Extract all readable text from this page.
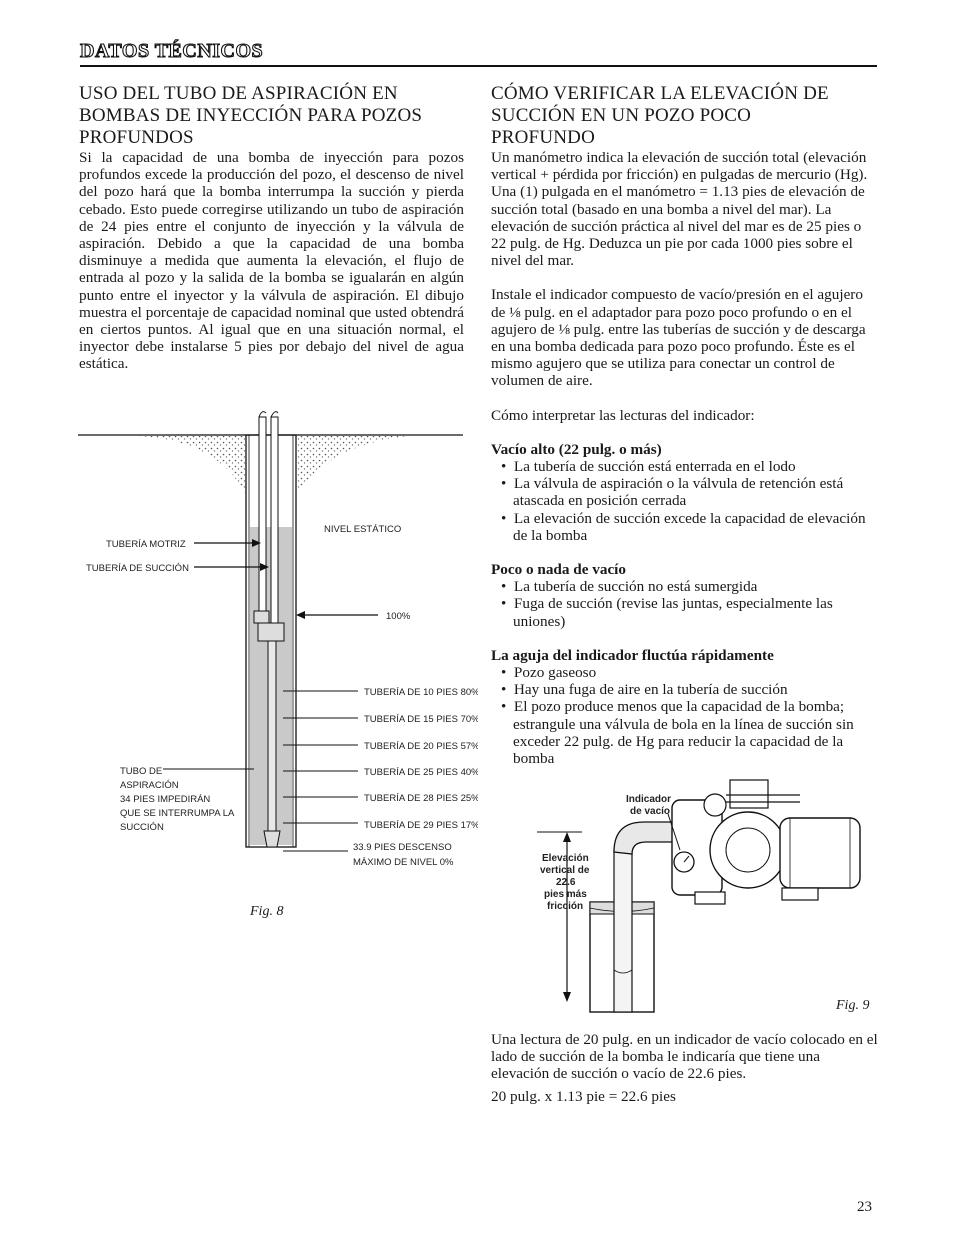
DATOS TÉCNICOS
USO DEL TUBO DE ASPIRACIÓN EN BOMBAS DE INYECCIÓN PARA POZOS PROFUNDOS

Si la capacidad de una bomba de inyección para pozos profundos excede la producción del pozo, el descenso de nivel del pozo hará que la bomba interrumpa la succión y pierda cebado. Esto puede corregirse utilizando un tubo de aspiración de 24 pies entre el conjunto de inyección y la válvula de aspiración. Debido a que la capacidad de una bomba disminuye a medida que aumenta la elevación, el flujo de entrada al pozo y la salida de la bomba se igualarán en algún punto entre el inyector y la válvula de aspiración. El dibujo muestra el porcentaje de capacidad nominal que usted obtendrá en ciertos puntos. Al igual que en una situación normal, el inyector debe instalarse 5 pies por debajo del nivel de agua estática.

TUBERÍA MOTRIZ
TUBERÍA DE SUCCIÓN
NIVEL ESTÁTICO
100%
TUBERÍA DE 10 PIES 80%
TUBERÍA DE 15 PIES 70%
TUBERÍA DE 20 PIES 57%
TUBERÍA DE 25 PIES 40%
TUBERÍA DE 28 PIES 25%
TUBERÍA DE 29 PIES 17%
33.9 PIES DESCENSO
MÁXIMO DE NIVEL 0%
TUBO DE
ASPIRACIÓN
34 PIES IMPEDIRÁN
QUE SE INTERRUMPA LA
SUCCIÓN
Fig. 8
CÓMO VERIFICAR LA ELEVACIÓN DE SUCCIÓN EN UN POZO POCO PROFUNDO

Un manómetro indica la elevación de succión total (elevación vertical + pérdida por fricción) en pulgadas de mercurio (Hg). Una (1) pulgada en el manómetro = 1.13 pies de elevación de succión total (basado en una bomba a nivel del mar). La elevación de succión práctica al nivel del mar es de 25 pies o 22 pulg. de Hg. Deduzca un pie por cada 1000 pies sobre el nivel del mar.

Instale el indicador compuesto de vacío/presión en el agujero de ⅛ pulg. en el adaptador para pozo poco profundo o en el agujero de ⅛ pulg. entre las tuberías de succión y de descarga en una bomba dedicada para pozo poco profundo. Éste es el mismo agujero que se utiliza para conectar un control de volumen de aire.

Cómo interpretar las lecturas del indicador:

Vacío alto (22 pulg. o más)

•  La tubería de succión está enterrada en el lodo
•  La válvula de aspiración o la válvula de retención está atascada en posición cerrada
•  La elevación de succión excede la capacidad de elevación de la bomba

Poco o nada de vacío

•  La tubería de succión no está sumergida
•  Fuga de succión (revise las juntas, especialmente las uniones)

La aguja del indicador fluctúa rápidamente

•  Pozo gaseoso
•  Hay una fuga de aire en la tubería de succión
•  El pozo produce menos que la capacidad de la bomba; estrangule una válvula de bola en la línea de succión sin exceder 22 pulg. de Hg para reducir la capacidad de la bomba
Indicador
de vacío
Elevación
vertical de
22.6
pies más
fricción
Fig. 9

Una lectura de 20 pulg. en un indicador de vacío colocado en el lado de succión de la bomba le indicaría que tiene una elevación de succión o vacío de 22.6 pies.

20 pulg. x 1.13 pie = 22.6 pies

23
